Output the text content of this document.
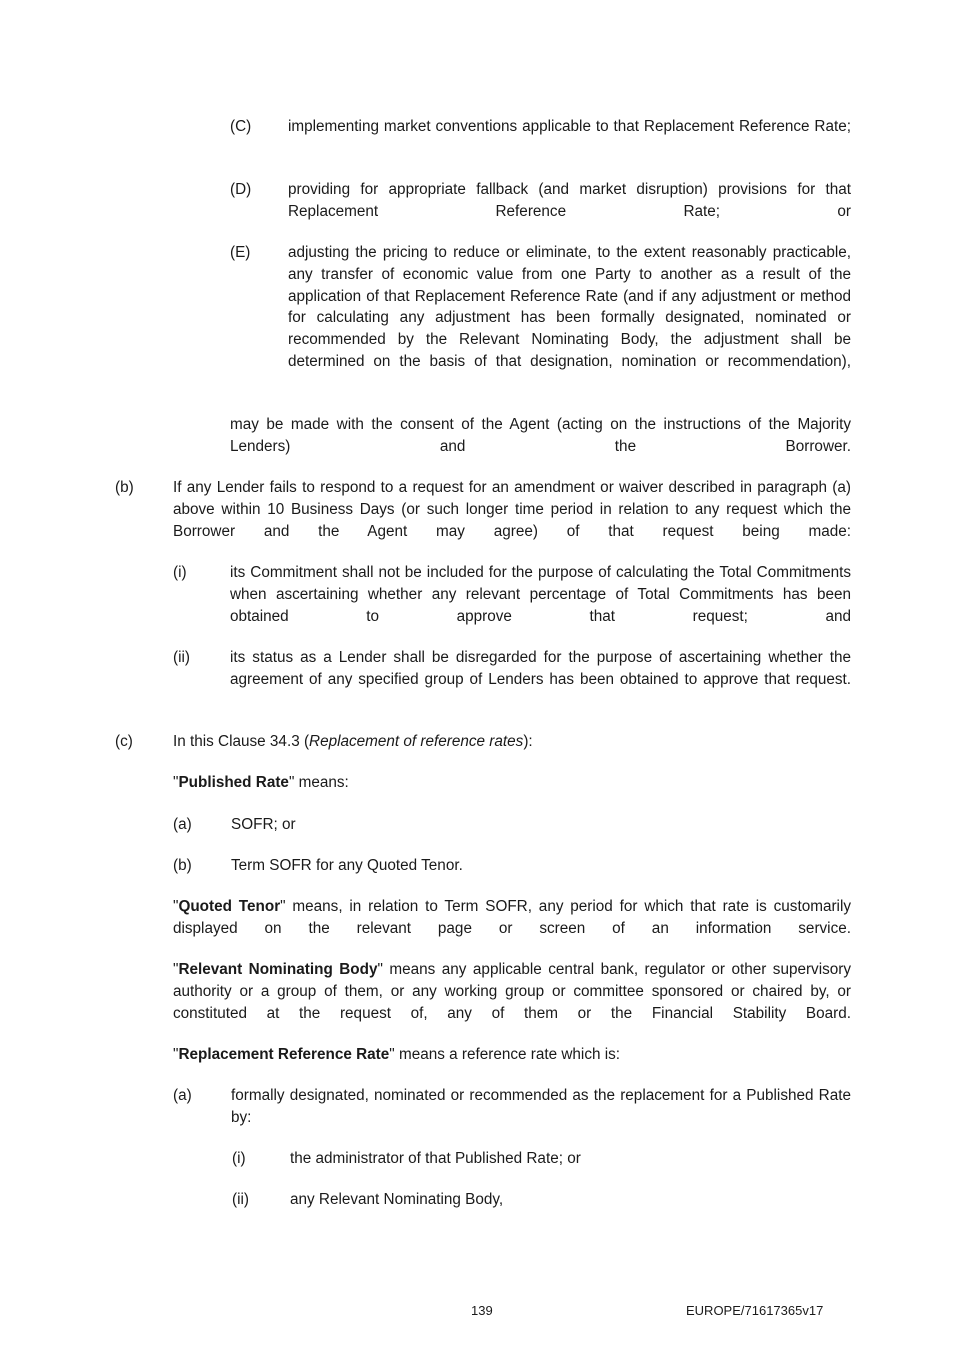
(C) implementing market conventions applicable to that Replacement Reference Rate;
(D) providing for appropriate fallback (and market disruption) provisions for that Replacement Reference Rate; or
(E) adjusting the pricing to reduce or eliminate, to the extent reasonably practicable, any transfer of economic value from one Party to another as a result of the application of that Replacement Reference Rate (and if any adjustment or method for calculating any adjustment has been formally designated, nominated or recommended by the Relevant Nominating Body, the adjustment shall be determined on the basis of that designation, nomination or recommendation),
may be made with the consent of the Agent (acting on the instructions of the Majority Lenders) and the Borrower.
(b)	If any Lender fails to respond to a request for an amendment or waiver described in paragraph (a) above within 10 Business Days (or such longer time period in relation to any request which the Borrower and the Agent may agree) of that request being made:
(i)	its Commitment shall not be included for the purpose of calculating the Total Commitments when ascertaining whether any relevant percentage of Total Commitments has been obtained to approve that request; and
(ii)	its status as a Lender shall be disregarded for the purpose of ascertaining whether the agreement of any specified group of Lenders has been obtained to approve that request.
(c)	In this Clause 34.3 (Replacement of reference rates):
"Published Rate" means:
(a)	SOFR; or
(b)	Term SOFR for any Quoted Tenor.
"Quoted Tenor" means, in relation to Term SOFR, any period for which that rate is customarily displayed on the relevant page or screen of an information service.
"Relevant Nominating Body" means any applicable central bank, regulator or other supervisory authority or a group of them, or any working group or committee sponsored or chaired by, or constituted at the request of, any of them or the Financial Stability Board.
"Replacement Reference Rate" means a reference rate which is:
(a)	formally designated, nominated or recommended as the replacement for a Published Rate by:
(i)	the administrator of that Published Rate; or
(ii)	any Relevant Nominating Body,
139	EUROPE/71617365v17
